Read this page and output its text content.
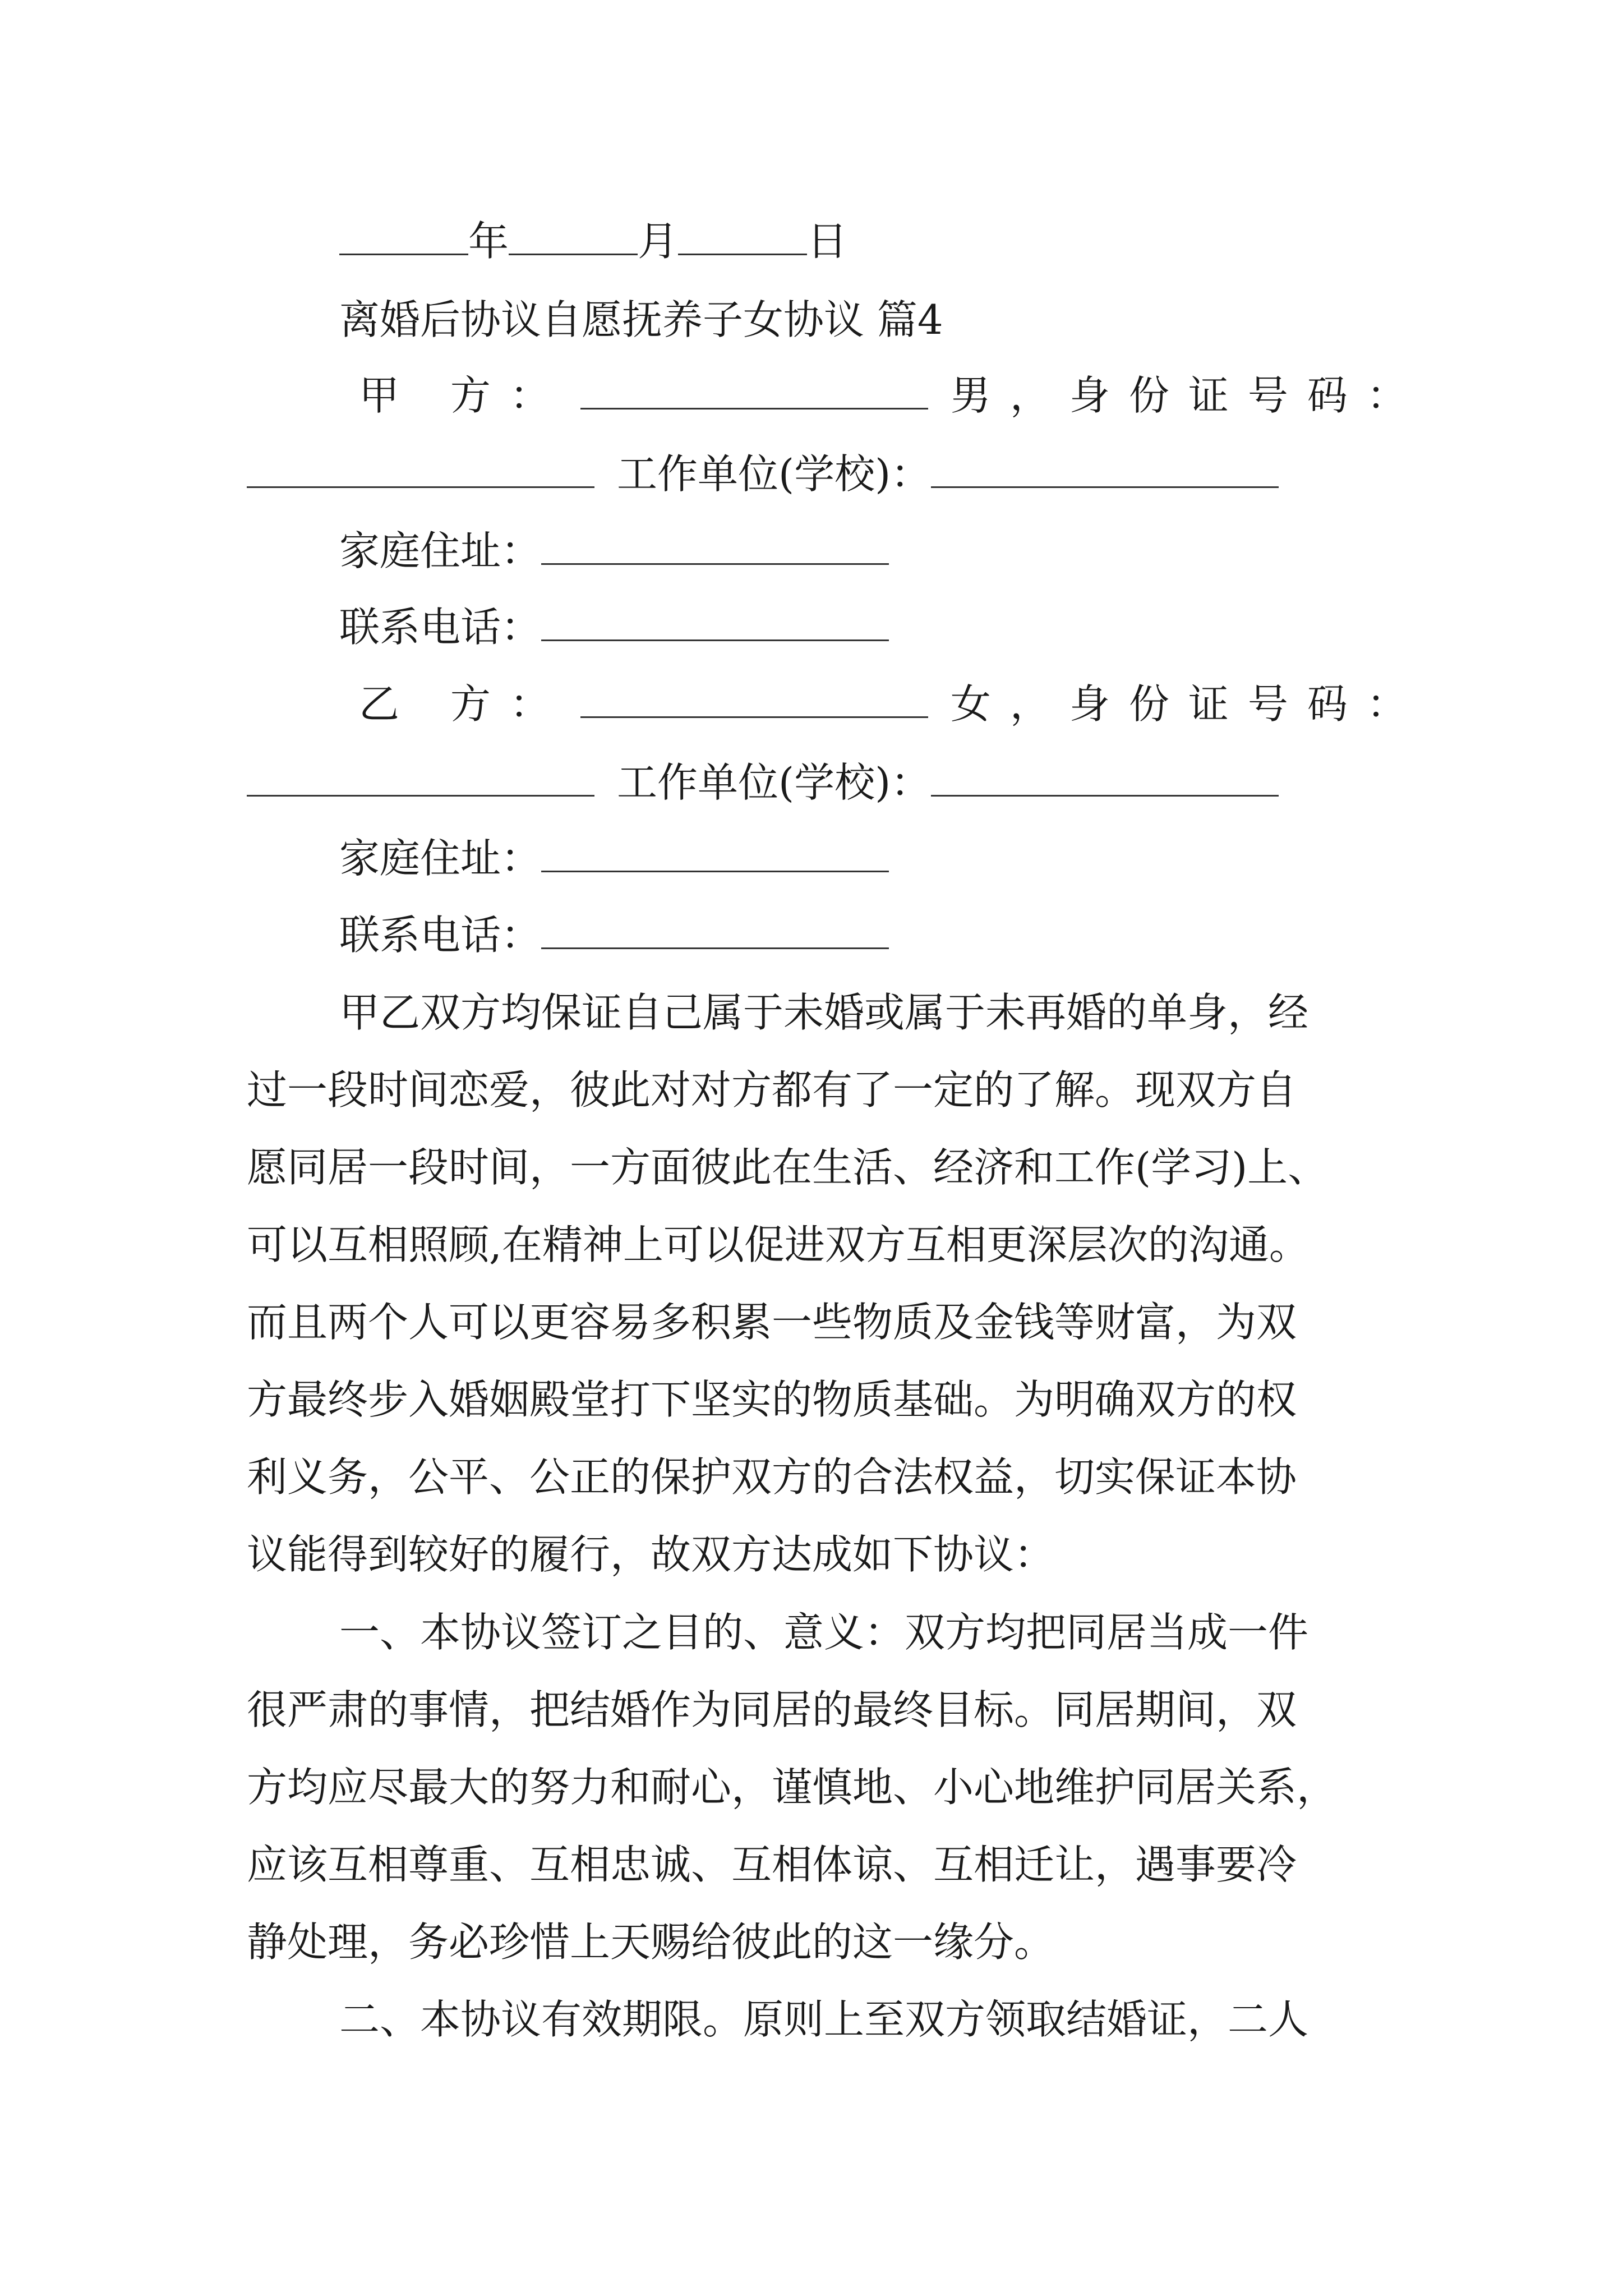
年	月	日
离婚后协议自愿抚养子女协议 篇4
甲 方：	男，身份证号码：
工作单位(学校)：
家庭住址：
联系电话：
乙 方：	女，身份证号码：
工作单位(学校)：
家庭住址：
联系电话：
甲乙双方均保证自己属于未婚或属于未再婚的单身，经
过一段时间恋爱，彼此对对方都有了一定的了解。现双方自
愿同居一段时间，一方面彼此在生活、经济和工作(学习)上、
可以互相照顾,在精神上可以促进双方互相更深层次的沟通。
而且两个人可以更容易多积累一些物质及金钱等财富，为双
方最终步入婚姻殿堂打下坚实的物质基础。为明确双方的权
利义务，公平、公正的保护双方的合法权益，切实保证本协
议能得到较好的履行，故双方达成如下协议：
一、本协议签订之目的、意义：双方均把同居当成一件
很严肃的事情，把结婚作为同居的最终目标。同居期间，双
方均应尽最大的努力和耐心，谨慎地、小心地维护同居关系，
应该互相尊重、互相忠诚、互相体谅、互相迁让，遇事要冷
静处理，务必珍惜上天赐给彼此的这一缘分。
二、本协议有效期限。原则上至双方领取结婚证，二人
